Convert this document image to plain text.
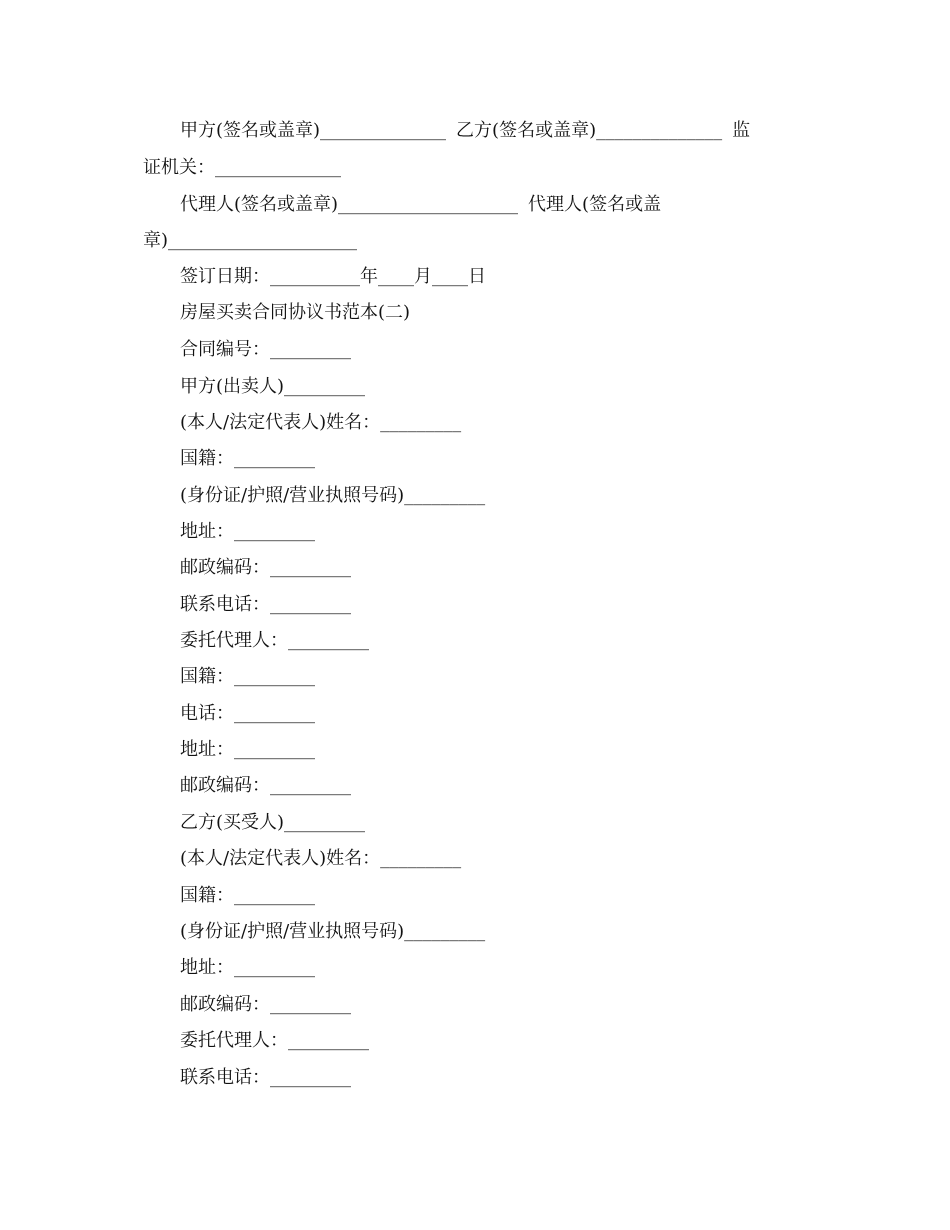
甲方(签名或盖章)______________ 乙方(签名或盖章)______________ 监
证机关：______________
代理人(签名或盖章)____________________ 代理人(签名或盖
章)_____________________
签订日期：__________年____月____日
房屋买卖合同协议书范本(二)
合同编号：_________
甲方(出卖人)_________
(本人/法定代表人)姓名：_________
国籍：_________
(身份证/护照/营业执照号码)_________
地址：_________
邮政编码：_________
联系电话：_________
委托代理人：_________
国籍：_________
电话：_________
地址：_________
邮政编码：_________
乙方(买受人)_________
(本人/法定代表人)姓名：_________
国籍：_________
(身份证/护照/营业执照号码)_________
地址：_________
邮政编码：_________
委托代理人：_________
联系电话：_________
